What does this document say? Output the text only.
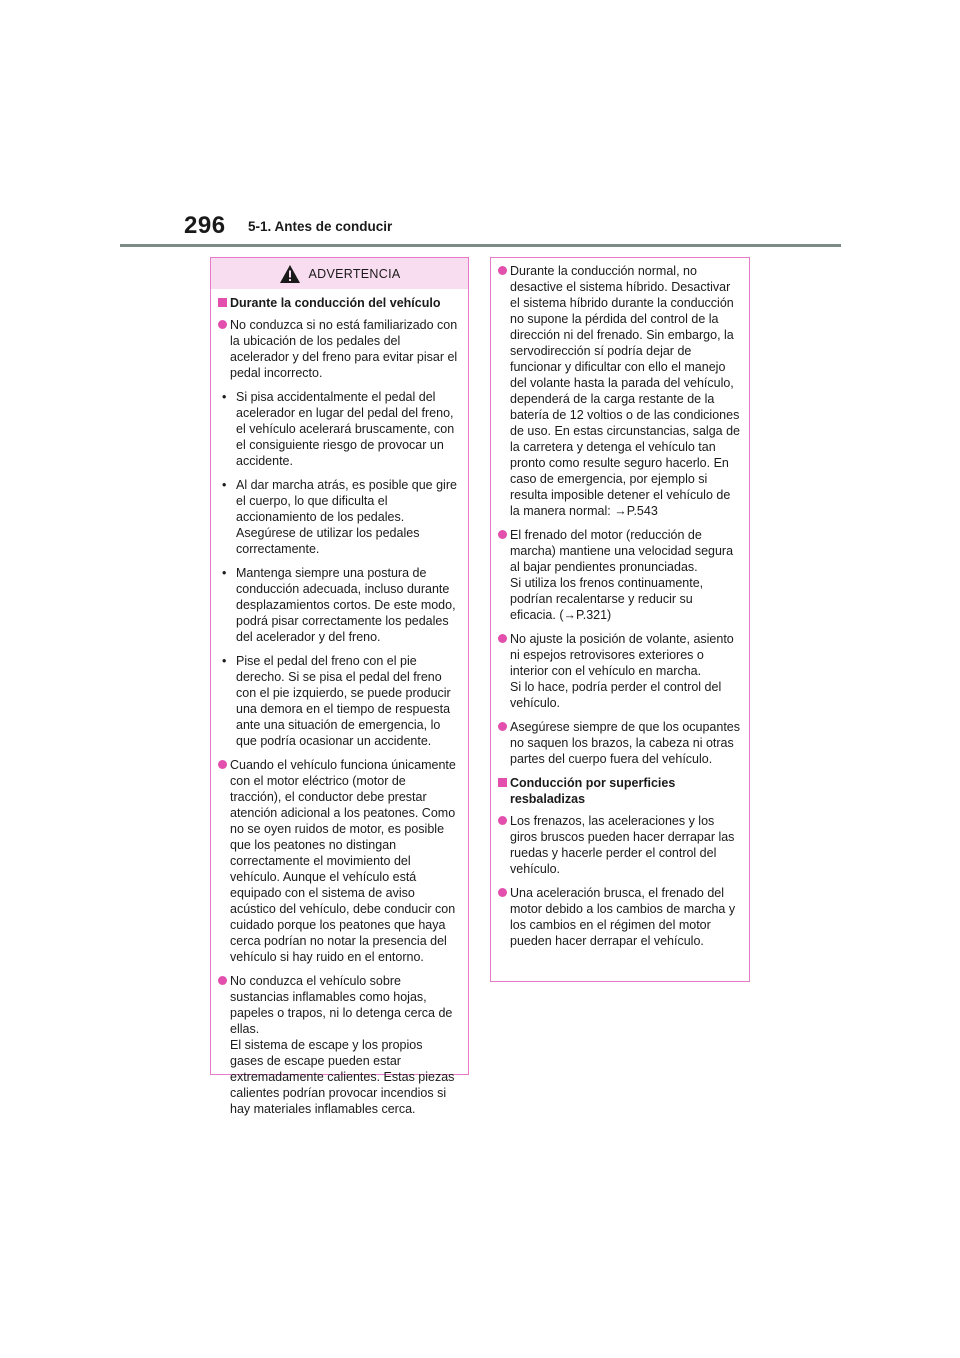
296 5-1. Antes de conducir
ADVERTENCIA
Durante la conducción del vehículo
No conduzca si no está familiarizado con la ubicación de los pedales del acelerador y del freno para evitar pisar el pedal incorrecto.
• Si pisa accidentalmente el pedal del acelerador en lugar del pedal del freno, el vehículo acelerará bruscamente, con el consiguiente riesgo de provocar un accidente.
• Al dar marcha atrás, es posible que gire el cuerpo, lo que dificulta el accionamiento de los pedales. Asegúrese de utilizar los pedales correctamente.
• Mantenga siempre una postura de conducción adecuada, incluso durante desplazamientos cortos. De este modo, podrá pisar correctamente los pedales del acelerador y del freno.
• Pise el pedal del freno con el pie derecho. Si se pisa el pedal del freno con el pie izquierdo, se puede producir una demora en el tiempo de respuesta ante una situación de emergencia, lo que podría ocasionar un accidente.
Cuando el vehículo funciona únicamente con el motor eléctrico (motor de tracción), el conductor debe prestar atención adicional a los peatones. Como no se oyen ruidos de motor, es posible que los peatones no distingan correctamente el movimiento del vehículo. Aunque el vehículo está equipado con el sistema de aviso acústico del vehículo, debe conducir con cuidado porque los peatones que haya cerca podrían no notar la presencia del vehículo si hay ruido en el entorno.
No conduzca el vehículo sobre sustancias inflamables como hojas, papeles o trapos, ni lo detenga cerca de ellas.
El sistema de escape y los propios gases de escape pueden estar extremadamente calientes. Estas piezas calientes podrían provocar incendios si hay materiales inflamables cerca.
Durante la conducción normal, no desactive el sistema híbrido. Desactivar el sistema híbrido durante la conducción no supone la pérdida del control de la dirección ni del frenado. Sin embargo, la servodirección sí podría dejar de funcionar y dificultar con ello el manejo del volante hasta la parada del vehículo, dependerá de la carga restante de la batería de 12 voltios o de las condiciones de uso. En estas circunstancias, salga de la carretera y detenga el vehículo tan pronto como resulte seguro hacerlo. En caso de emergencia, por ejemplo si resulta imposible detener el vehículo de la manera normal: →P.543
El frenado del motor (reducción de marcha) mantiene una velocidad segura al bajar pendientes pronunciadas.
Si utiliza los frenos continuamente, podrían recalentarse y reducir su eficacia. (→P.321)
No ajuste la posición de volante, asiento ni espejos retrovisores exteriores o interior con el vehículo en marcha.
Si lo hace, podría perder el control del vehículo.
Asegúrese siempre de que los ocupantes no saquen los brazos, la cabeza ni otras partes del cuerpo fuera del vehículo.
Conducción por superficies resbaladizas
Los frenazos, las aceleraciones y los giros bruscos pueden hacer derrapar las ruedas y hacerle perder el control del vehículo.
Una aceleración brusca, el frenado del motor debido a los cambios de marcha y los cambios en el régimen del motor pueden hacer derrapar el vehículo.
